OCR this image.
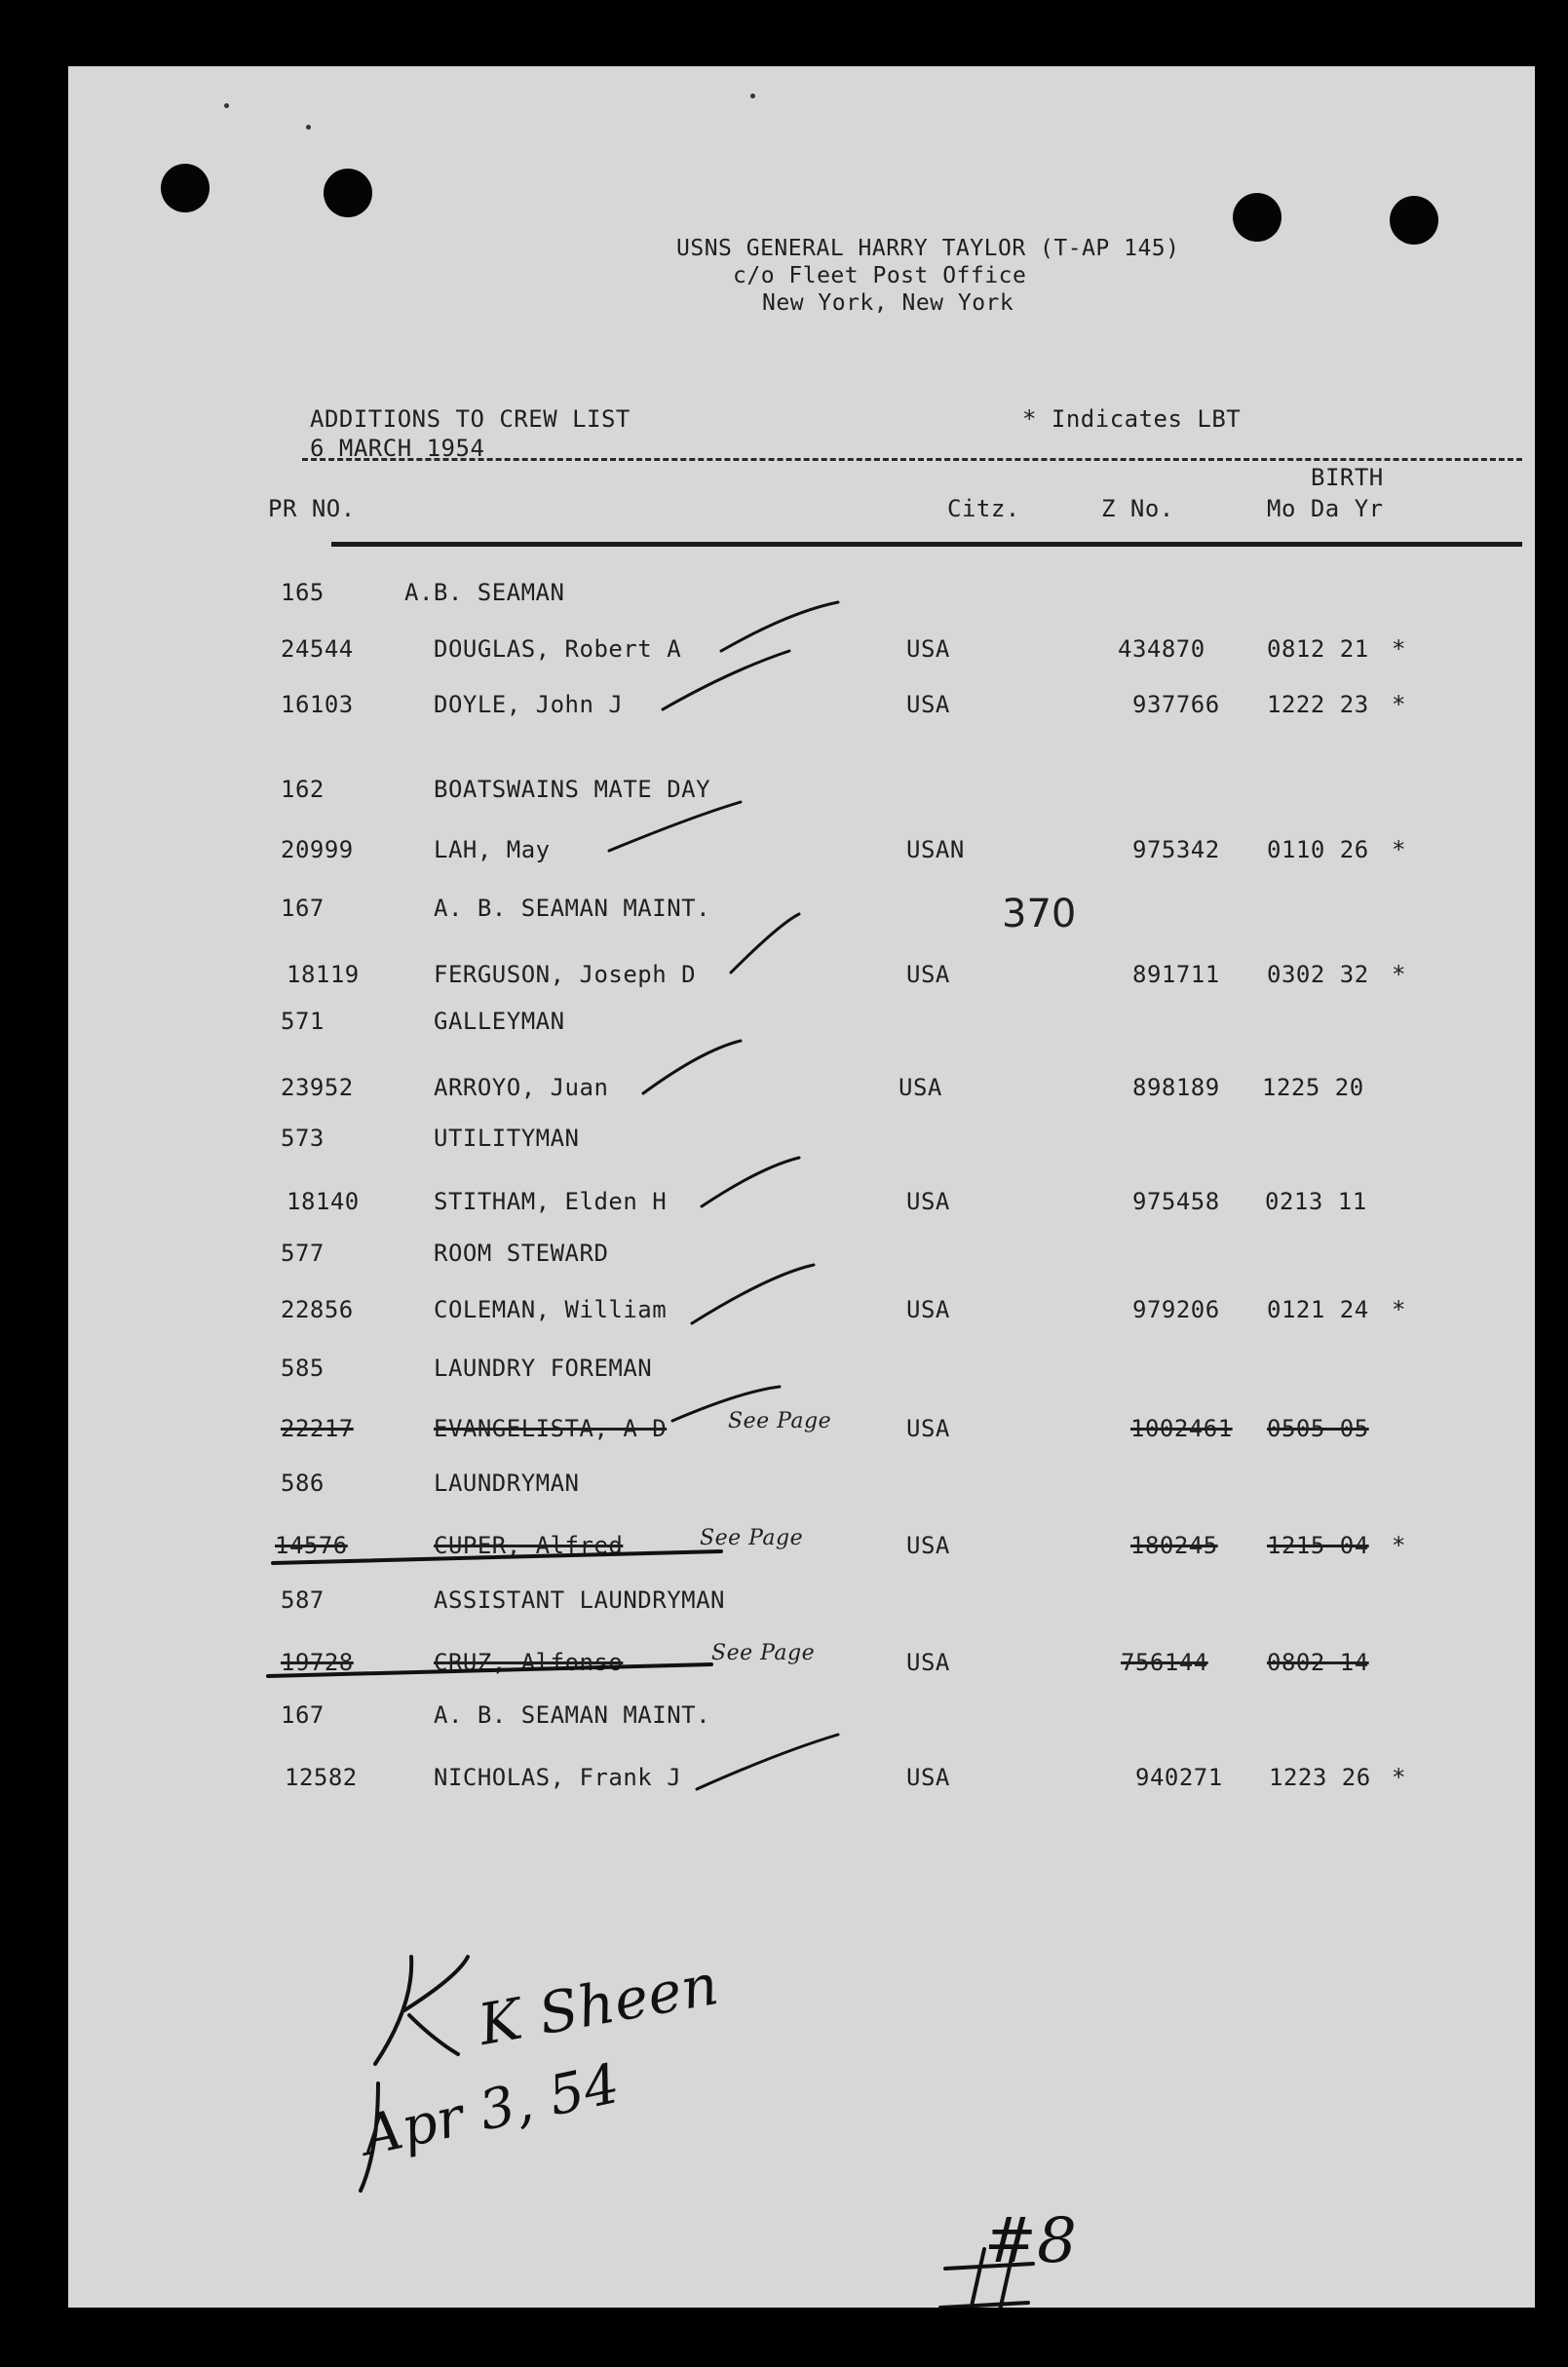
USNS GENERAL HARRY TAYLOR (T-AP 145)
c/o Fleet Post Office
New York, New York
ADDITIONS TO CREW LIST
6 MARCH 1954
* Indicates LBT
BIRTH
PR NO.	Citz.	Z No.	Mo Da Yr
165	A.B. SEAMAN
24544	DOUGLAS, Robert A	USA	434870	0812 21 *
16103	DOYLE, John J	USA	937766 1222 23 *
162	BOATSWAINS MATE DAY
20999	LAH, May	USAN	975342 0110 26 *
167	A. B. SEAMAN MAINT.	370
18119	FERGUSON, Joseph D	USA	891711 0302 32 *
571	GALLEYMAN
23952	ARROYO, Juan	USA	898189 1225 20
573	UTILITYMAN
18140	STITHAM, Elden H	USA	975458 0213 11
577	ROOM STEWARD
22856	COLEMAN, William	USA	979206 0121 24 *
585	LAUNDRY FOREMAN
22217	EVANGELISTA, A D	USA	1002461 0505 05
See Page
586	LAUNDRYMAN
14576	CUPER, Alfred	USA	180245 1215 04 *
See Page
587	ASSISTANT LAUNDRYMAN
19728	CRUZ, Alfonso	USA	756144	0802 14
See Page
167	A. B. SEAMAN MAINT.
12582	NICHOLAS, Frank J	USA	940271 1223 26 *
K Sheen
Apr 3, 54
#8
